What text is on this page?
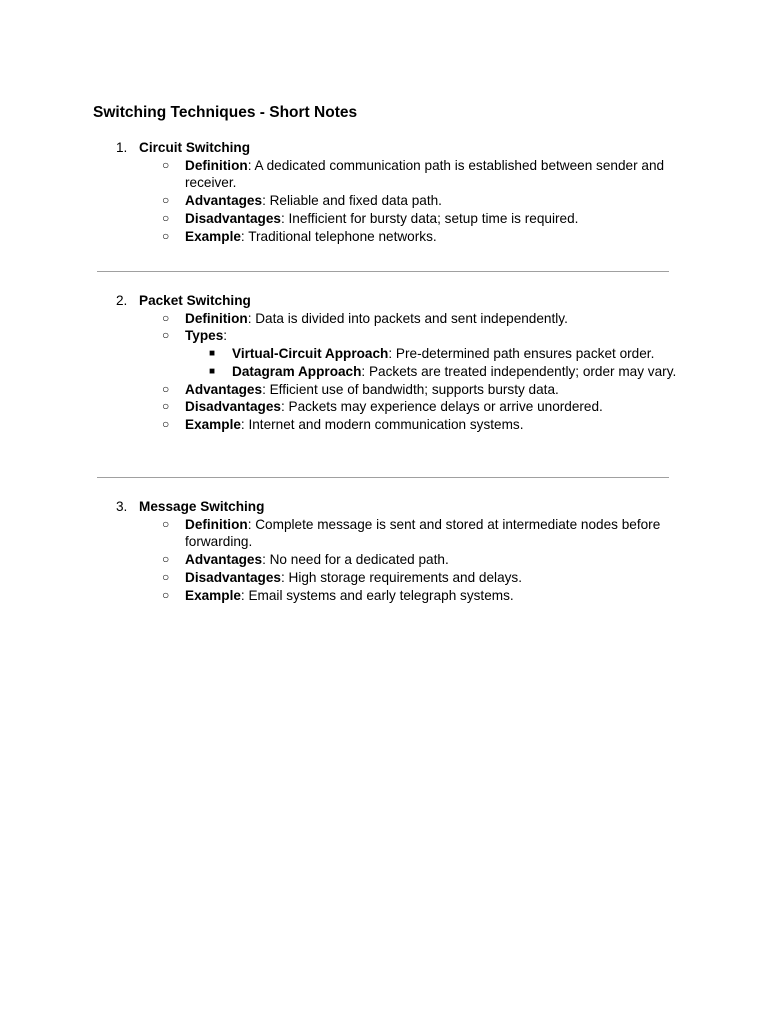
Switching Techniques - Short Notes
1. Circuit Switching
○ Definition: A dedicated communication path is established between sender and receiver.
○ Advantages: Reliable and fixed data path.
○ Disadvantages: Inefficient for bursty data; setup time is required.
○ Example: Traditional telephone networks.
2. Packet Switching
○ Definition: Data is divided into packets and sent independently.
○ Types:
■ Virtual-Circuit Approach: Pre-determined path ensures packet order.
■ Datagram Approach: Packets are treated independently; order may vary.
○ Advantages: Efficient use of bandwidth; supports bursty data.
○ Disadvantages: Packets may experience delays or arrive unordered.
○ Example: Internet and modern communication systems.
3. Message Switching
○ Definition: Complete message is sent and stored at intermediate nodes before forwarding.
○ Advantages: No need for a dedicated path.
○ Disadvantages: High storage requirements and delays.
○ Example: Email systems and early telegraph systems.
